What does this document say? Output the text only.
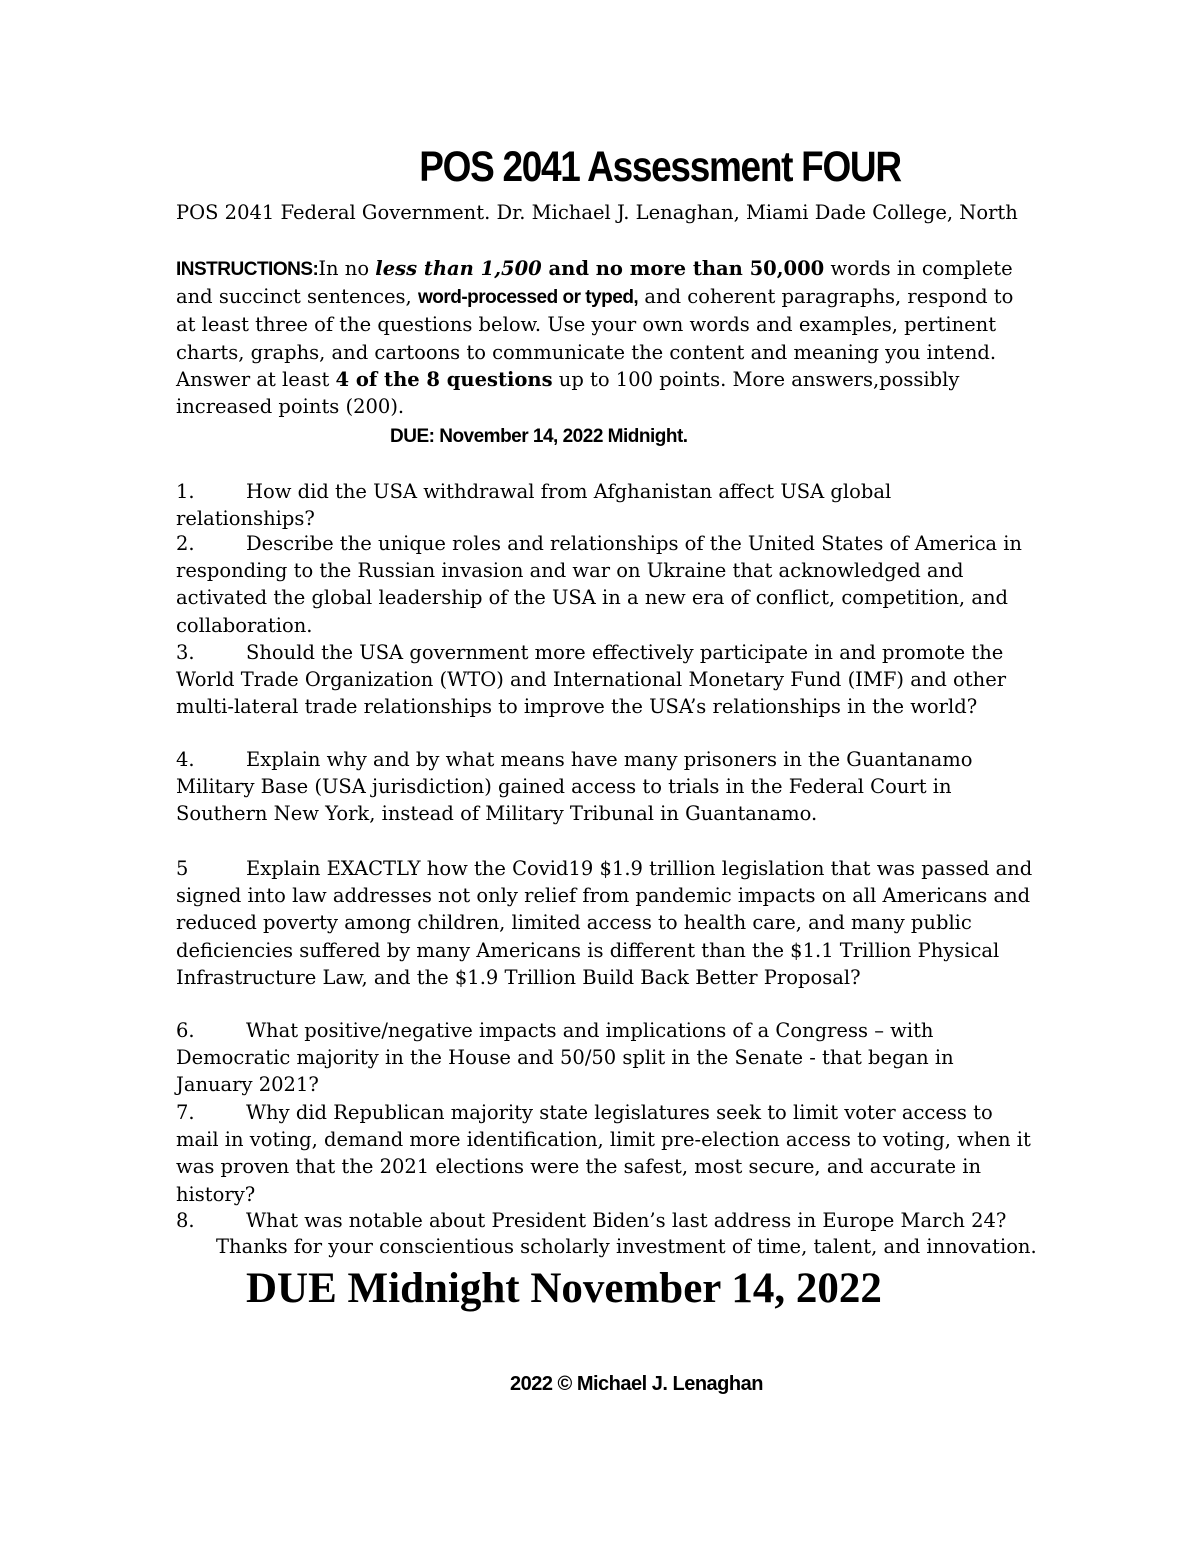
POS 2041 Assessment FOUR
POS 2041 Federal Government. Dr. Michael J. Lenaghan, Miami Dade College, North
INSTRUCTIONS:In no less than 1,500 and no more than 50,000 words in complete and succinct sentences, word-processed or typed, and coherent paragraphs, respond to at least three of the questions below. Use your own words and examples, pertinent charts, graphs, and cartoons to communicate the content and meaning you intend. Answer at least 4 of the 8 questions up to 100 points. More answers,possibly increased points (200).
DUE: November 14, 2022 Midnight.
1.	How did the USA withdrawal from Afghanistan affect USA global relationships?
2.	Describe the unique roles and relationships of the United States of America in responding to the Russian invasion and war on Ukraine that acknowledged and activated the global leadership of the USA in a new era of conflict, competition, and collaboration.
3.	Should the USA government more effectively participate in and promote the World Trade Organization (WTO) and International Monetary Fund (IMF) and other multi-lateral trade relationships to improve the USA’s relationships in the world?
4.	Explain why and by what means have many prisoners in the Guantanamo Military Base (USA jurisdiction) gained access to trials in the Federal Court in Southern New York, instead of Military Tribunal in Guantanamo.
5	Explain EXACTLY how the Covid19 $1.9 trillion legislation that was passed and signed into law addresses not only relief from pandemic impacts on all Americans and reduced poverty among children, limited access to health care, and many public deficiencies suffered by many Americans is different than the $1.1 Trillion Physical Infrastructure Law, and the $1.9 Trillion Build Back Better Proposal?
6.	What positive/negative impacts and implications of a Congress – with Democratic majority in the House and 50/50 split in the Senate - that began in January 2021?
7.	Why did Republican majority state legislatures seek to limit voter access to mail in voting, demand more identification, limit pre-election access to voting, when it was proven that the 2021 elections were the safest, most secure, and accurate in history?
8.	What was notable about President Biden’s last address in Europe March 24?
Thanks for your conscientious scholarly investment of time, talent, and innovation.
DUE Midnight November 14, 2022
2022 © Michael J. Lenaghan
